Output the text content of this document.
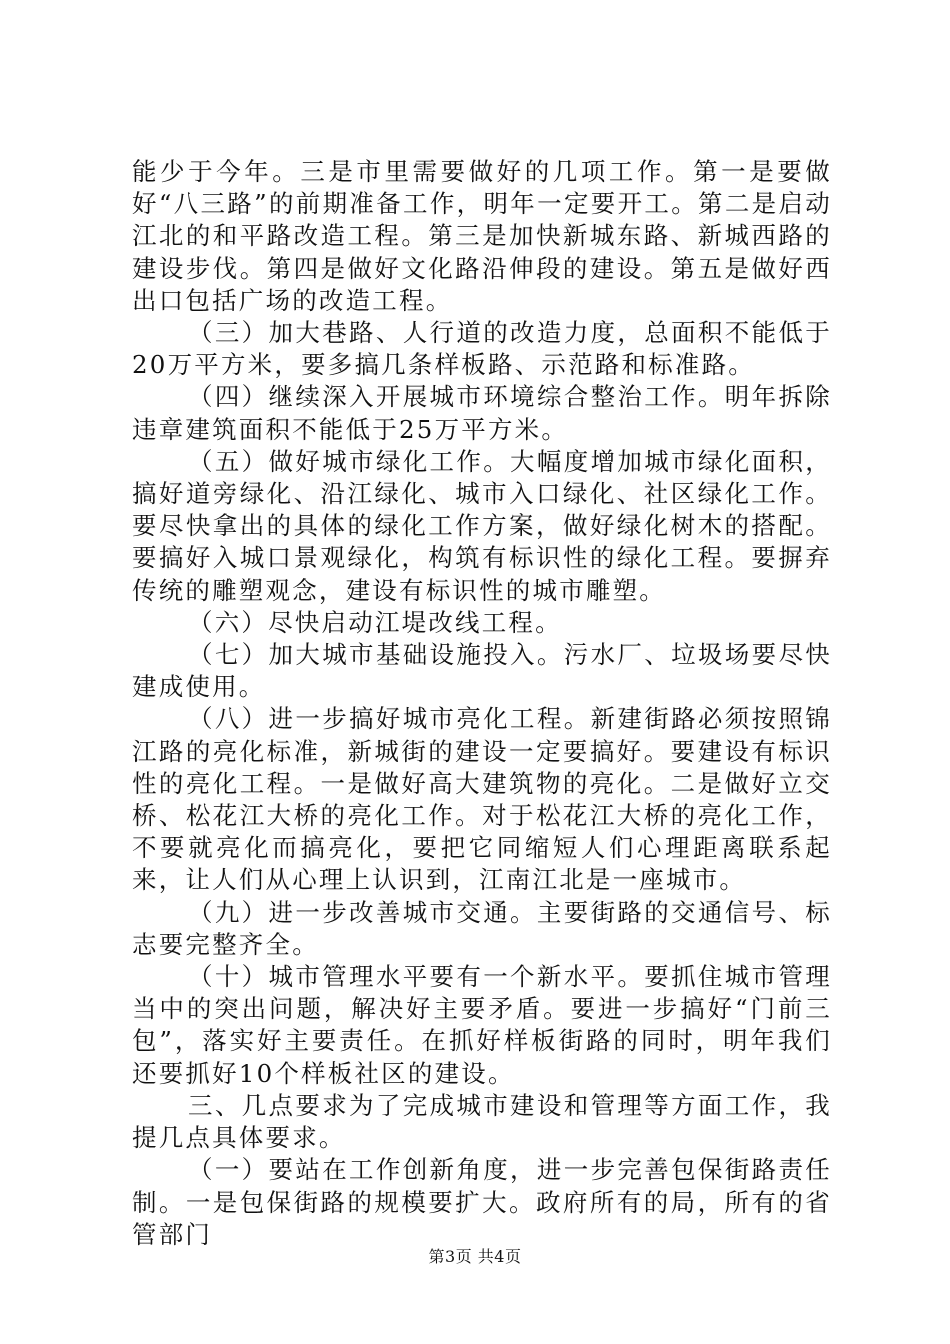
能少于今年。三是市里需要做好的几项工作。第一是要做好“八三路”的前期准备工作，明年一定要开工。第二是启动江北的和平路改造工程。第三是加快新城东路、新城西路的建设步伐。第四是做好文化路沿伸段的建设。第五是做好西出口包括广场的改造工程。

（三）加大巷路、人行道的改造力度，总面积不能低于20万平方米，要多搞几条样板路、示范路和标准路。

（四）继续深入开展城市环境综合整治工作。明年拆除违章建筑面积不能低于25万平方米。

（五）做好城市绿化工作。大幅度增加城市绿化面积，搞好道旁绿化、沿江绿化、城市入口绿化、社区绿化工作。要尽快拿出的具体的绿化工作方案，做好绿化树木的搭配。要搞好入城口景观绿化，构筑有标识性的绿化工程。要摒弃传统的雕塑观念，建设有标识性的城市雕塑。

（六）尽快启动江堤改线工程。

（七）加大城市基础设施投入。污水厂、垃圾场要尽快建成使用。

（八）进一步搞好城市亮化工程。新建街路必须按照锦江路的亮化标准，新城街的建设一定要搞好。要建设有标识性的亮化工程。一是做好高大建筑物的亮化。二是做好立交桥、松花江大桥的亮化工作。对于松花江大桥的亮化工作，不要就亮化而搞亮化，要把它同缩短人们心理距离联系起来，让人们从心理上认识到，江南江北是一座城市。

（九）进一步改善城市交通。主要街路的交通信号、标志要完整齐全。

（十）城市管理水平要有一个新水平。要抓住城市管理当中的突出问题，解决好主要矛盾。要进一步搞好“门前三包”，落实好主要责任。在抓好样板街路的同时，明年我们还要抓好10个样板社区的建设。

三、几点要求为了完成城市建设和管理等方面工作，我提几点具体要求。

（一）要站在工作创新角度，进一步完善包保街路责任制。一是包保街路的规模要扩大。政府所有的局，所有的省管部门

第3页 共4页
